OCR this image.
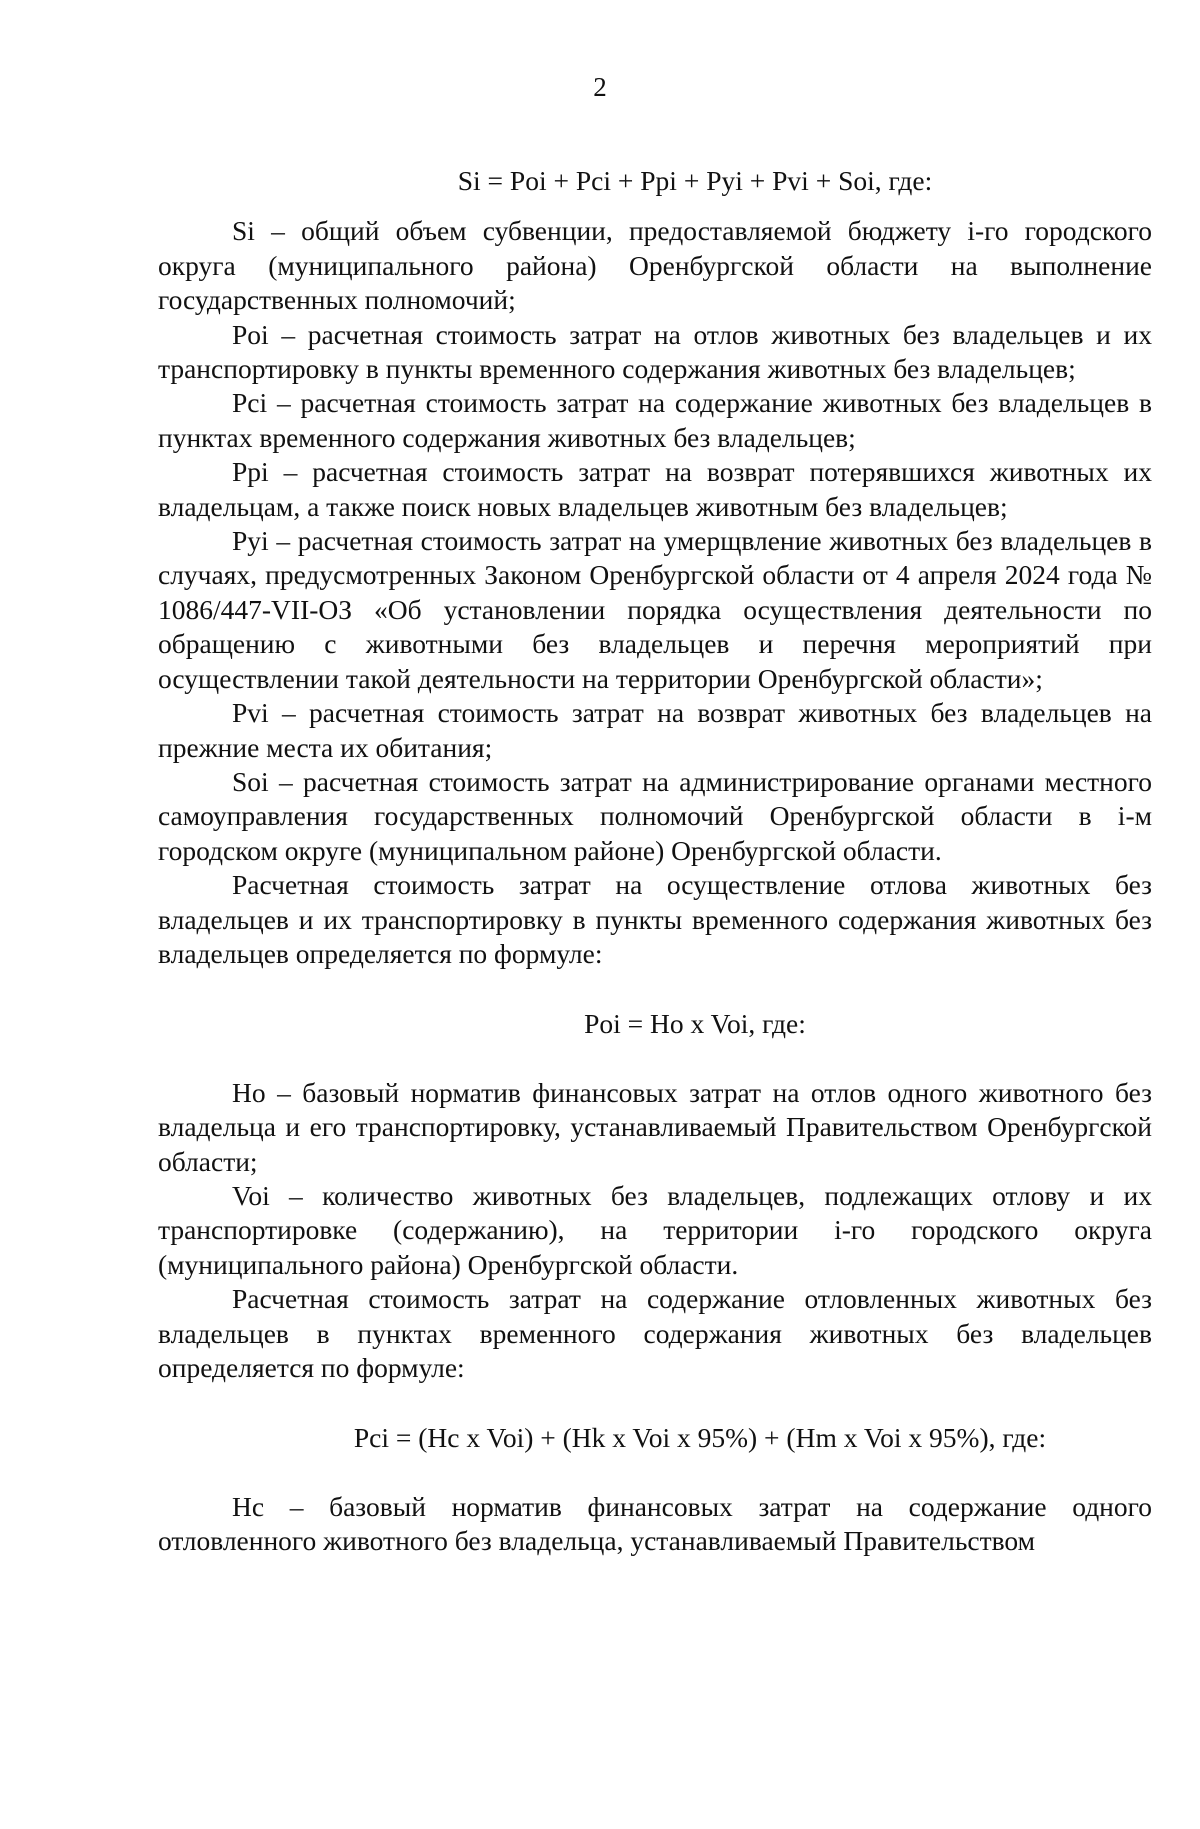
2

Si = Poi + Pci + Ppi + Pyi + Pvi + Soi, где:

Si – общий объем субвенции, предоставляемой бюджету i-го городского округа (муниципального района) Оренбургской области на выполнение государственных полномочий;

Poi – расчетная стоимость затрат на отлов животных без владельцев и их транспортировку в пункты временного содержания животных без владельцев;

Pci – расчетная стоимость затрат на содержание животных без владельцев в пунктах временного содержания животных без владельцев;

Ppi – расчетная стоимость затрат на возврат потерявшихся животных их владельцам, а также поиск новых владельцев животным без владельцев;

Pyi – расчетная стоимость затрат на умерщвление животных без владельцев в случаях, предусмотренных Законом Оренбургской области от 4 апреля 2024 года № 1086/447-VII-ОЗ «Об установлении порядка осуществления деятельности по обращению с животными без владельцев и перечня мероприятий при осуществлении такой деятельности на территории Оренбургской области»;

Pvi – расчетная стоимость затрат на возврат животных без владельцев на прежние места их обитания;

Soi – расчетная стоимость затрат на администрирование органами местного самоуправления государственных полномочий Оренбургской области в i-м городском округе (муниципальном районе) Оренбургской области.

Расчетная стоимость затрат на осуществление отлова животных без владельцев и их транспортировку в пункты временного содержания животных без владельцев определяется по формуле:

Poi = Ho x Voi, где:

Ho – базовый норматив финансовых затрат на отлов одного животного без владельца и его транспортировку, устанавливаемый Правительством Оренбургской области;

Voi – количество животных без владельцев, подлежащих отлову и их транспортировке (содержанию), на территории i-го городского округа (муниципального района) Оренбургской области.

Расчетная стоимость затрат на содержание отловленных животных без владельцев в пунктах временного содержания животных без владельцев определяется по формуле:

Pci = (Hc x Voi) + (Hk x Voi x 95%) + (Hm x Voi x 95%), где:

Hc – базовый норматив финансовых затрат на содержание одного отловленного животного без владельца, устанавливаемый Правительством
